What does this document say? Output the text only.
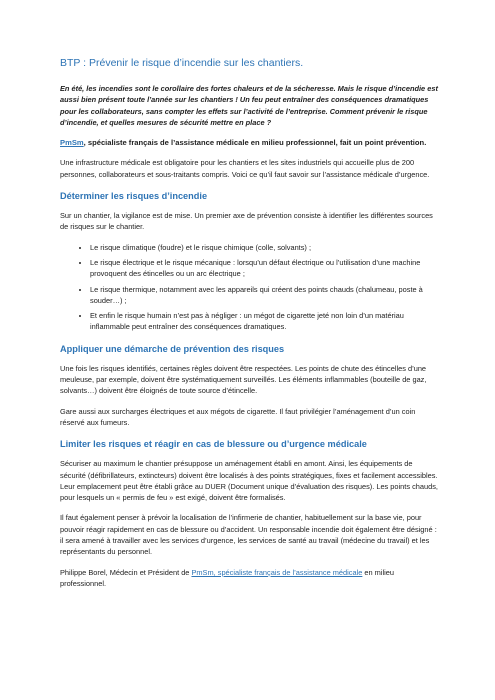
BTP : Prévenir le risque d’incendie sur les chantiers.

En été, les incendies sont le corollaire des fortes chaleurs et de la sécheresse. Mais le risque d’incendie est aussi bien présent toute l’année sur les chantiers ! Un feu peut entraîner des conséquences dramatiques pour les collaborateurs, sans compter les effets sur l’activité de l’entreprise. Comment prévenir le risque d’incendie, et quelles mesures de sécurité mettre en place ?

PmSm, spécialiste français de l’assistance médicale en milieu professionnel, fait un point prévention.

Une infrastructure médicale est obligatoire pour les chantiers et les sites industriels qui accueille plus de 200 personnes, collaborateurs et sous-traitants compris. Voici ce qu’il faut savoir sur l’assistance médicale d’urgence.

Déterminer les risques d’incendie

Sur un chantier, la vigilance est de mise. Un premier axe de prévention consiste à identifier les différentes sources de risques sur le chantier.

• Le risque climatique (foudre) et le risque chimique (colle, solvants) ;
• Le risque électrique et le risque mécanique : lorsqu’un défaut électrique ou l’utilisation d’une machine provoquent des étincelles ou un arc électrique ;
• Le risque thermique, notamment avec les appareils qui créent des points chauds (chalumeau, poste à souder…) ;
• Et enfin le risque humain n’est pas à négliger : un mégot de cigarette jeté non loin d’un matériau inflammable peut entraîner des conséquences dramatiques.
Appliquer une démarche de prévention des risques

Une fois les risques identifiés, certaines règles doivent être respectées. Les points de chute des étincelles d’une meuleuse, par exemple, doivent être systématiquement surveillés. Les éléments inflammables (bouteille de gaz, solvants…) doivent être éloignés de toute source d’étincelle.

Gare aussi aux surcharges électriques et aux mégots de cigarette. Il faut privilégier l’aménagement d’un coin réservé aux fumeurs.

Limiter les risques et réagir en cas de blessure ou d’urgence médicale

Sécuriser au maximum le chantier présuppose un aménagement établi en amont. Ainsi, les équipements de sécurité (défibrillateurs, extincteurs) doivent être localisés à des points stratégiques, fixes et facilement accessibles. Leur emplacement peut être établi grâce au DUER (Document unique d’évaluation des risques). Les points chauds, pour lesquels un « permis de feu » est exigé, doivent être formalisés.

Il faut également penser à prévoir la localisation de l’infirmerie de chantier, habituellement sur la base vie, pour pouvoir réagir rapidement en cas de blessure ou d’accident. Un responsable incendie doit également être désigné : il sera amené à travailler avec les services d’urgence, les services de santé au travail (médecine du travail) et les représentants du personnel.

Philippe Borel, Médecin et Président de PmSm, spécialiste français de l’assistance médicale en milieu professionnel.
